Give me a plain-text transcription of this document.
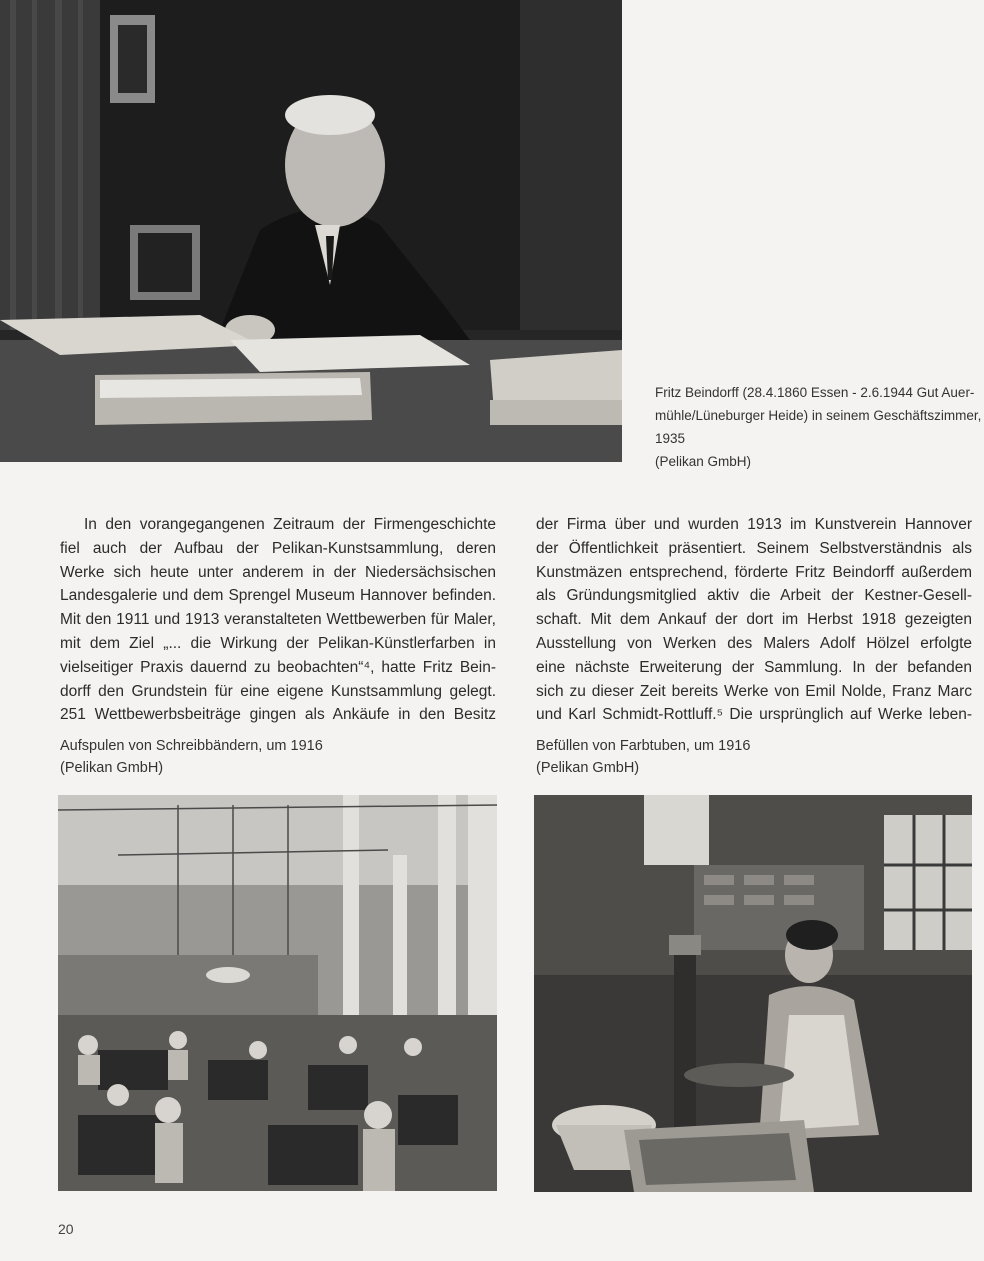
Fritz Beindorff (28.4.1860 Essen - 2.6.1944 Gut Auer-
mühle/Lüneburger Heide) in seinem Geschäftszimmer,
1935
(Pelikan GmbH)
In den vorangegangenen Zeitraum der Firmengeschichte
fiel auch der Aufbau der Pelikan-Kunstsammlung, deren
Werke sich heute unter anderem in der Niedersächsischen
Landesgalerie und dem Sprengel Museum Hannover befinden.
Mit den 1911 und 1913 veranstalteten Wettbewerben für Maler,
mit dem Ziel „... die Wirkung der Pelikan-Künstlerfarben in
vielseitiger Praxis dauernd zu beobachten“⁴, hatte Fritz Bein-
dorff den Grundstein für eine eigene Kunstsammlung gelegt.
251 Wettbewerbsbeiträge gingen als Ankäufe in den Besitz
der Firma über und wurden 1913 im Kunstverein Hannover
der Öffentlichkeit präsentiert. Seinem Selbstverständnis als
Kunstmäzen entsprechend, förderte Fritz Beindorff außerdem
als Gründungsmitglied aktiv die Arbeit der Kestner-Gesell-
schaft. Mit dem Ankauf der dort im Herbst 1918 gezeigten
Ausstellung von Werken des Malers Adolf Hölzel erfolgte
eine nächste Erweiterung der Sammlung. In der befanden
sich zu dieser Zeit bereits Werke von Emil Nolde, Franz Marc
und Karl Schmidt-Rottluff.⁵ Die ursprünglich auf Werke leben-
Aufspulen von Schreibbändern, um 1916
(Pelikan GmbH)
Befüllen von Farbtuben, um 1916
(Pelikan GmbH)
20
